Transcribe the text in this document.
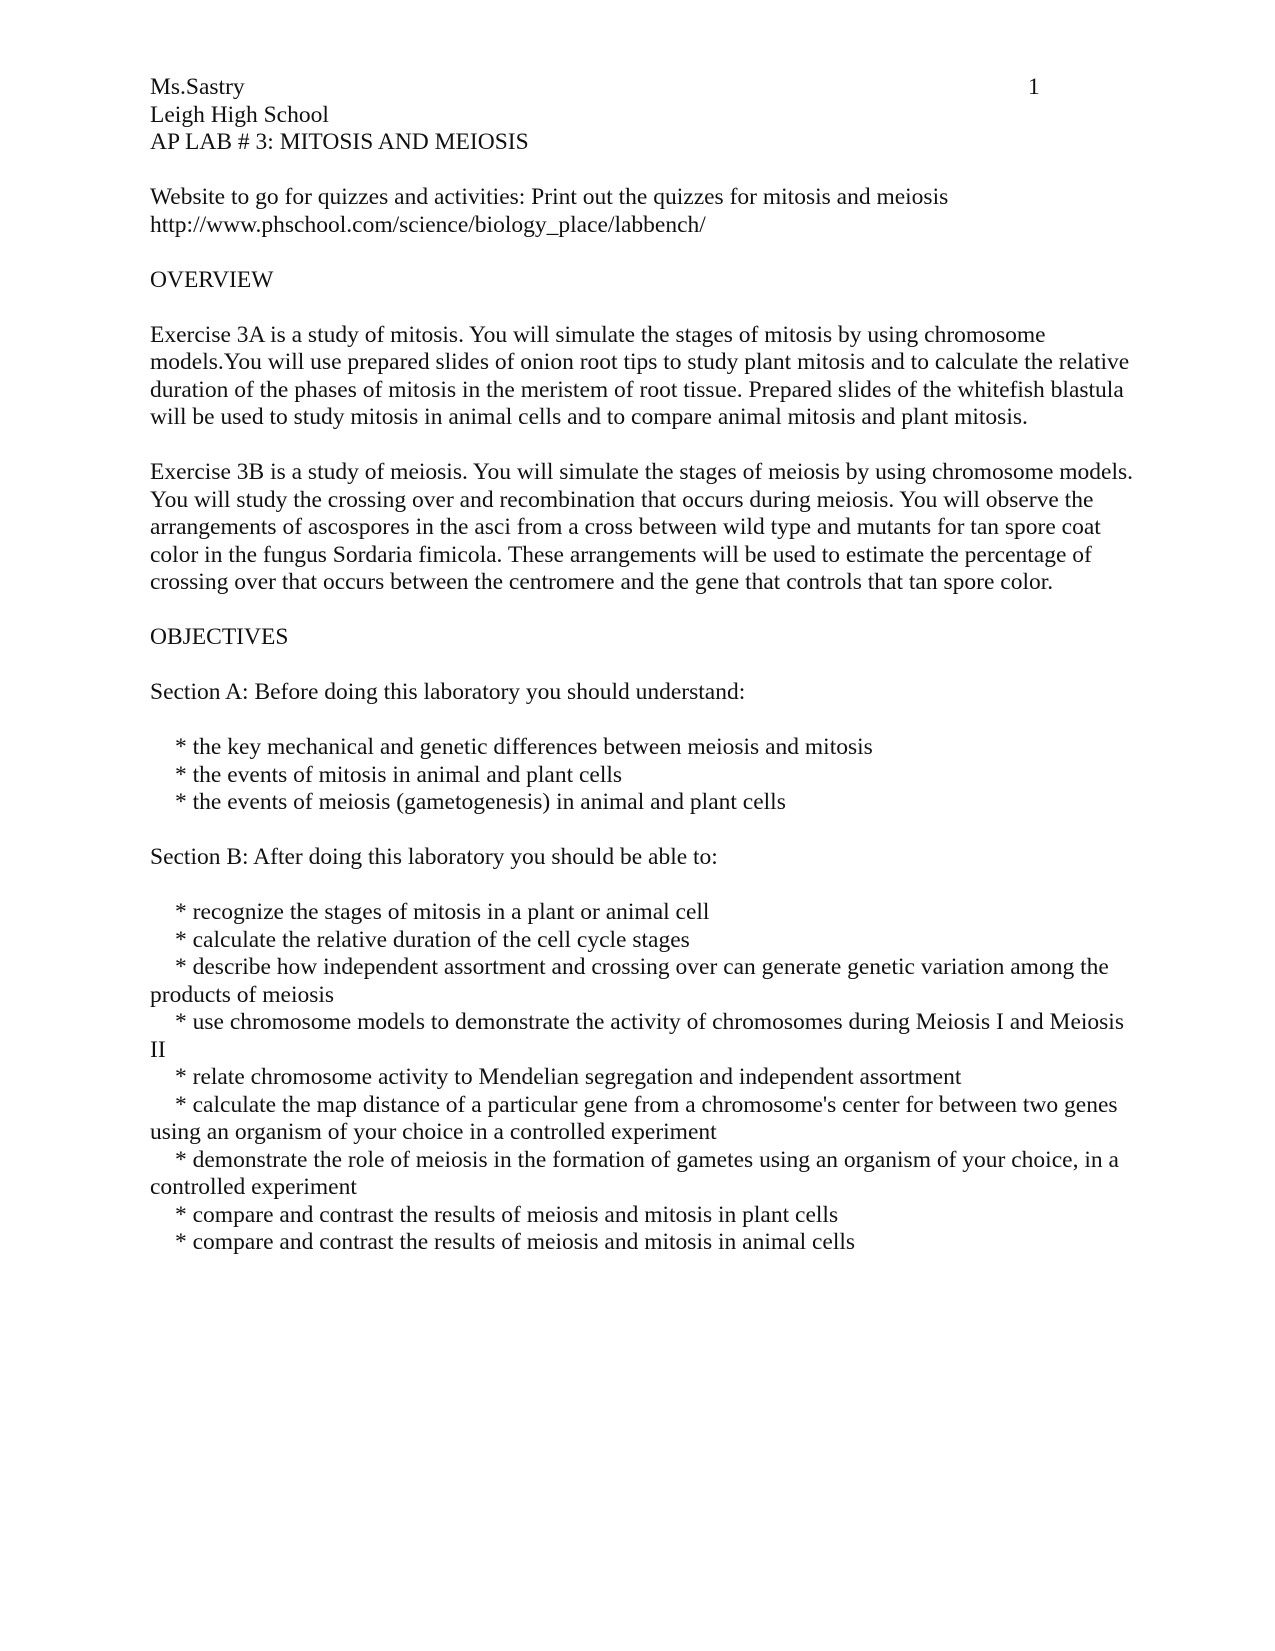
1
Ms.Sastry
Leigh High School
AP LAB # 3: MITOSIS AND MEIOSIS
Website to go for quizzes and activities: Print out the quizzes for mitosis and meiosis
http://www.phschool.com/science/biology_place/labbench/

OVERVIEW

Exercise 3A is a study of mitosis. You will simulate the stages of mitosis by using chromosome models.You will use prepared slides of onion root tips to study plant mitosis and to calculate the relative duration of the phases of mitosis in the meristem of root tissue. Prepared slides of the whitefish blastula will be used to study mitosis in animal cells and to compare animal mitosis and plant mitosis.

Exercise 3B is a study of meiosis. You will simulate the stages of meiosis by using chromosome models. You will study the crossing over and recombination that occurs during meiosis. You will observe the arrangements of ascospores in the asci from a cross between wild type and mutants for tan spore coat color in the fungus Sordaria fimicola. These arrangements will be used to estimate the percentage of crossing over that occurs between the centromere and the gene that controls that tan spore color.

OBJECTIVES

Section A: Before doing this laboratory you should understand:

* the key mechanical and genetic differences between meiosis and mitosis
* the events of mitosis in animal and plant cells
* the events of meiosis (gametogenesis) in animal and plant cells

Section B: After doing this laboratory you should be able to:

* recognize the stages of mitosis in a plant or animal cell
* calculate the relative duration of the cell cycle stages
* describe how independent assortment and crossing over can generate genetic variation among the products of meiosis
* use chromosome models to demonstrate the activity of chromosomes during Meiosis I and Meiosis II
* relate chromosome activity to Mendelian segregation and independent assortment
* calculate the map distance of a particular gene from a chromosome's center for between two genes using an organism of your choice in a controlled experiment
* demonstrate the role of meiosis in the formation of gametes using an organism of your choice, in a controlled experiment
* compare and contrast the results of meiosis and mitosis in plant cells
* compare and contrast the results of meiosis and mitosis in animal cells
